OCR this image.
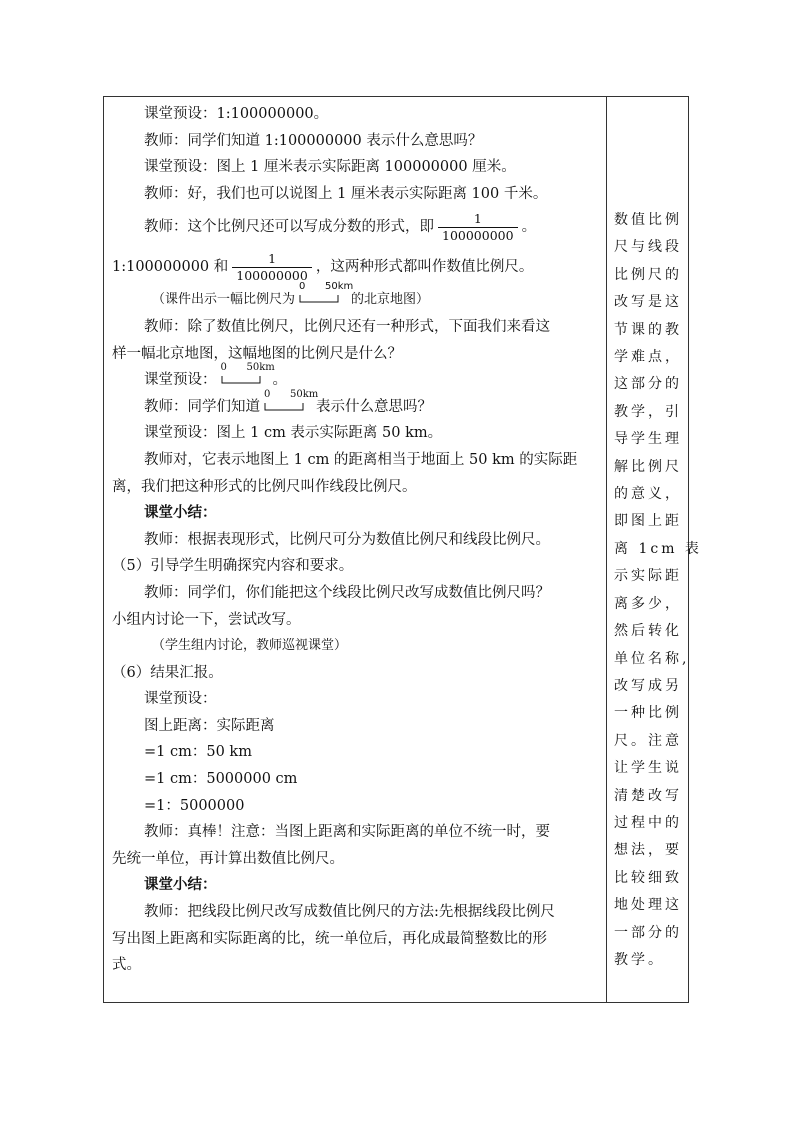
课堂预设：1:100000000。
教师：同学们知道 1:100000000 表示什么意思吗？
课堂预设：图上 1 厘米表示实际距离 100000000 厘米。
教师：好，我们也可以说图上 1 厘米表示实际距离 100 千米。
教师：这个比例尺还可以写成分数的形式，即 $\frac{1}{100000000}$ 。
1:100000000 和 $\frac{1}{100000000}$ ，这两种形式都叫作数值比例尺。
（课件出示一幅比例尺为
0 50km
的北京地图）
教师：除了数值比例尺，比例尺还有一种形式，下面我们来看这
样一幅北京地图，这幅地图的比例尺是什么？
课堂预设：
0 50km
。
教师：同学们知道
0 50km
表示什么意思吗？
课堂预设：图上 1 cm 表示实际距离 50 km。
教师对，它表示地图上 1 cm 的距离相当于地面上 50 km 的实际距
离，我们把这种形式的比例尺叫作线段比例尺。
课堂小结：
教师：根据表现形式，比例尺可分为数值比例尺和线段比例尺。
（5）引导学生明确探究内容和要求。
教师：同学们，你们能把这个线段比例尺改写成数值比例尺吗？
小组内讨论一下，尝试改写。
（学生组内讨论，教师巡视课堂）
（6）结果汇报。
课堂预设：
图上距离：实际距离
=1 cm：50 km
=1 cm：5000000 cm
=1：5000000
教师：真棒！注意：当图上距离和实际距离的单位不统一时，要
先统一单位，再计算出数值比例尺。
课堂小结：
教师：把线段比例尺改写成数值比例尺的方法:先根据线段比例尺
写出图上距离和实际距离的比，统一单位后，再化成最简整数比的形
式。
数值比例
尺与线段
比例尺的
改写是这
节课的教
学难点，
这部分的
教学，引
导学生理
解比例尺
的意义，
即图上距
离 1cm 表
示实际距
离多少，
然后转化
单位名称,
改写成另
一种比例
尺。注意
让学生说
清楚改写
过程中的
想法，要
比较细致
地处理这
一部分的
教学。
